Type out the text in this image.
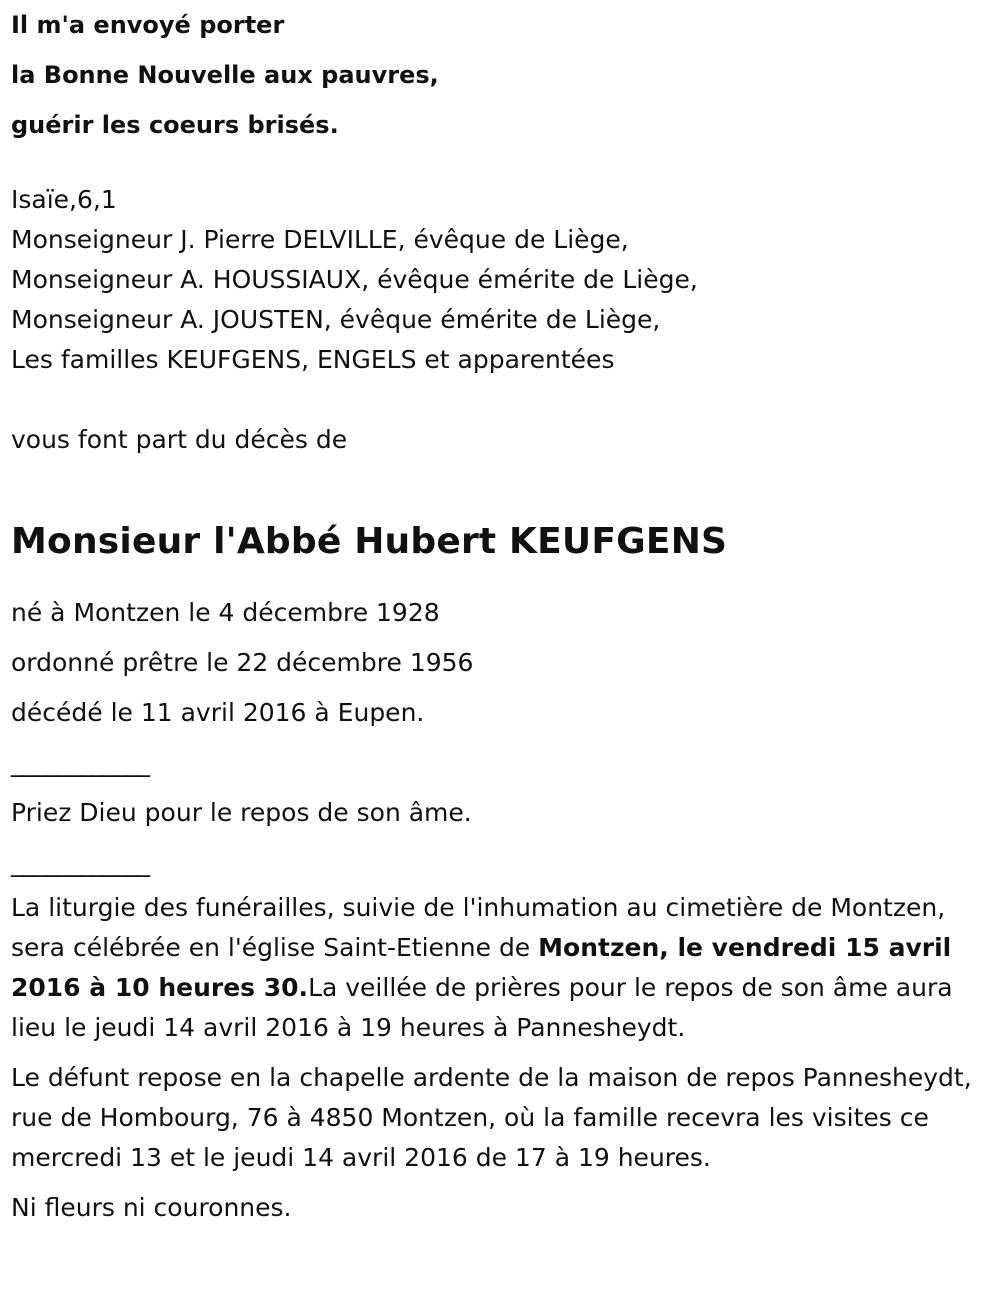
Il m'a envoyé porter
la Bonne Nouvelle aux pauvres,
guérir les coeurs brisés.
Isaïe,6,1
Monseigneur J. Pierre DELVILLE, évêque de Liège,
Monseigneur A. HOUSSIAUX, évêque émérite de Liège,
Monseigneur A. JOUSTEN, évêque émérite de Liège,
Les familles KEUFGENS, ENGELS et apparentées
vous font part du décès de
Monsieur l'Abbé Hubert KEUFGENS
né à Montzen le 4 décembre 1928
ordonné prêtre le 22 décembre 1956
décédé le 11 avril 2016 à Eupen.
____________
Priez Dieu pour le repos de son âme.
____________

La liturgie des funérailles, suivie de l'inhumation au cimetière de Montzen, sera célébrée en l'église Saint-Etienne de Montzen, le vendredi 15 avril 2016 à 10 heures 30.La veillée de prières pour le repos de son âme aura lieu le jeudi 14 avril 2016 à 19 heures à Pannesheydt.

Le défunt repose en la chapelle ardente de la maison de repos Pannesheydt, rue de Hombourg, 76 à 4850 Montzen, où la famille recevra les visites ce mercredi 13 et le jeudi 14 avril 2016 de 17 à 19 heures.

Ni fleurs ni couronnes.
